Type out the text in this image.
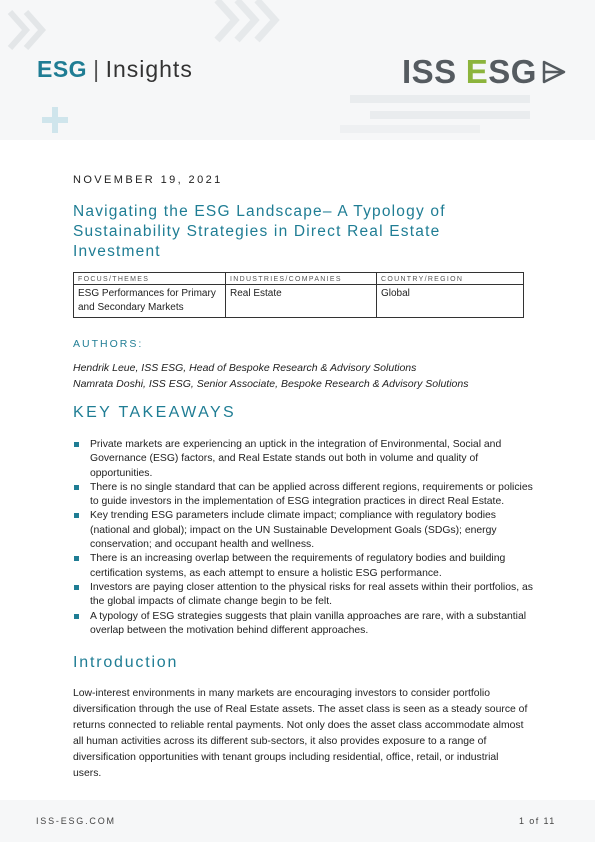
ESG | Insights	ISS E SG
NOVEMBER 19, 2021
Navigating the ESG Landscape– A Typology of Sustainability Strategies in Direct Real Estate Investment
FOCUS/THEMES	INDUSTRIES/COMPANIES	COUNTRY/REGION
ESG Performances for Primary and Secondary Markets	Real Estate	Global
AUTHORS:
Hendrik Leue, ISS ESG, Head of Bespoke Research & Advisory Solutions
Namrata Doshi, ISS ESG, Senior Associate, Bespoke Research & Advisory Solutions
KEY TAKEAWAYS
Private markets are experiencing an uptick in the integration of Environmental, Social and Governance (ESG) factors, and Real Estate stands out both in volume and quality of opportunities.
There is no single standard that can be applied across different regions, requirements or policies to guide investors in the implementation of ESG integration practices in direct Real Estate.
Key trending ESG parameters include climate impact; compliance with regulatory bodies (national and global); impact on the UN Sustainable Development Goals (SDGs); energy conservation; and occupant health and wellness.
There is an increasing overlap between the requirements of regulatory bodies and building certification systems, as each attempt to ensure a holistic ESG performance.
Investors are paying closer attention to the physical risks for real assets within their portfolios, as the global impacts of climate change begin to be felt.
A typology of ESG strategies suggests that plain vanilla approaches are rare, with a substantial overlap between the motivation behind different approaches.
Introduction
Low-interest environments in many markets are encouraging investors to consider portfolio diversification through the use of Real Estate assets. The asset class is seen as a steady source of returns connected to reliable rental payments. Not only does the asset class accommodate almost all human activities across its different sub-sectors, it also provides exposure to a range of diversification opportunities with tenant groups including residential, office, retail, or industrial users.
ISS-ESG.COM	1 of 11
